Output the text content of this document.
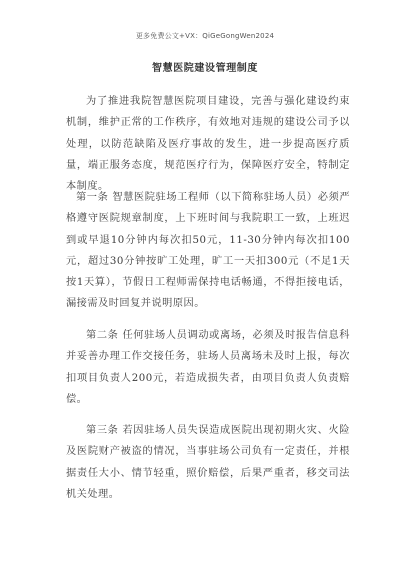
更多免费公文+VX：QiGeGongWen2024
智慧医院建设管理制度
为了推进我院智慧医院项目建设，完善与强化建设约束机制，维护正常的工作秩序，有效地对违规的建设公司予以处理，以防范缺陷及医疗事故的发生，进一步提高医疗质量，端正服务态度，规范医疗行为，保障医疗安全，特制定本制度。
第一条 智慧医院驻场工程师（以下简称驻场人员）必须严格遵守医院规章制度，上下班时间与我院职工一致，上班迟到或早退10分钟内每次扣50元，11-30分钟内每次扣100元，超过30分钟按旷工处理，旷工一天扣300元（不足1天按1天算），节假日工程师需保持电话畅通，不得拒接电话，漏接需及时回复并说明原因。
第二条 任何驻场人员调动或离场，必须及时报告信息科并妥善办理工作交接任务，驻场人员离场未及时上报，每次扣项目负责人200元，若造成损失者，由项目负责人负责赔偿。
第三条 若因驻场人员失误造成医院出现初期火灾、火险及医院财产被盗的情况，当事驻场公司负有一定责任，并根据责任大小、情节轻重，照价赔偿，后果严重者，移交司法机关处理。
